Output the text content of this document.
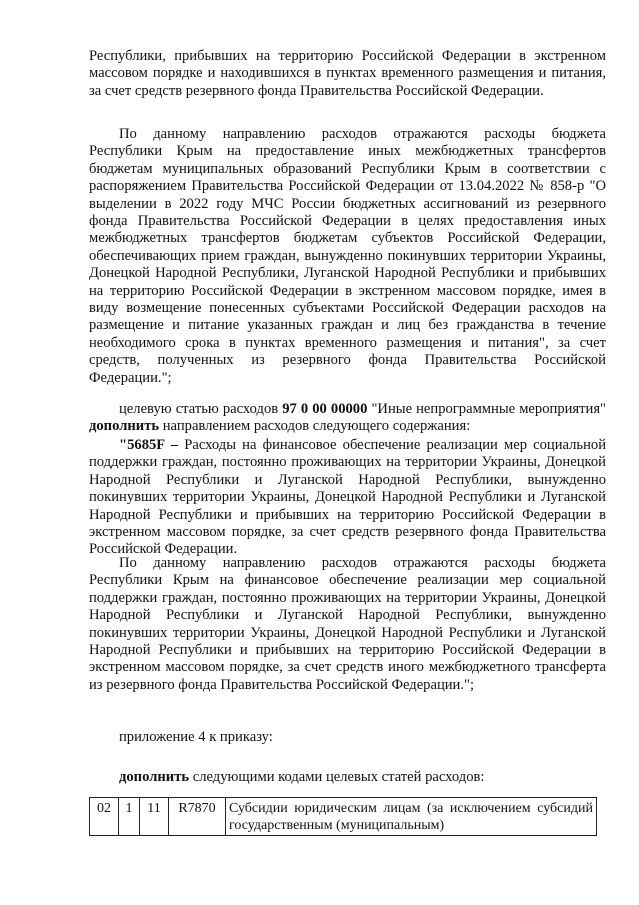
Республики, прибывших на территорию Российской Федерации в экстренном массовом порядке и находившихся в пунктах временного размещения и питания, за счет средств резервного фонда Правительства Российской Федерации.

По данному направлению расходов отражаются расходы бюджета Республики Крым на предоставление иных межбюджетных трансфертов бюджетам муниципальных образований Республики Крым в соответствии с распоряжением Правительства Российской Федерации от 13.04.2022 № 858-р "О выделении в 2022 году МЧС России бюджетных ассигнований из резервного фонда Правительства Российской Федерации в целях предоставления иных межбюджетных трансфертов бюджетам субъектов Российской Федерации, обеспечивающих прием граждан, вынужденно покинувших территории Украины, Донецкой Народной Республики, Луганской Народной Республики и прибывших на территорию Российской Федерации в экстренном массовом порядке, имея в виду возмещение понесенных субъектами Российской Федерации расходов на размещение и питание указанных граждан и лиц без гражданства в течение необходимого срока в пунктах временного размещения и питания", за счет средств, полученных из резервного фонда Правительства Российской Федерации.";

целевую статью расходов 97 0 00 00000 "Иные непрограммные мероприятия" дополнить направлением расходов следующего содержания:

"5685F – Расходы на финансовое обеспечение реализации мер социальной поддержки граждан, постоянно проживающих на территории Украины, Донецкой Народной Республики и Луганской Народной Республики, вынужденно покинувших территории Украины, Донецкой Народной Республики и Луганской Народной Республики и прибывших на территорию Российской Федерации в экстренном массовом порядке, за счет средств резервного фонда Правительства Российской Федерации.

По данному направлению расходов отражаются расходы бюджета Республики Крым на финансовое обеспечение реализации мер социальной поддержки граждан, постоянно проживающих на территории Украины, Донецкой Народной Республики и Луганской Народной Республики, вынужденно покинувших территории Украины, Донецкой Народной Республики и Луганской Народной Республики и прибывших на территорию Российской Федерации в экстренном массовом порядке, за счет средств иного межбюджетного трансферта из резервного фонда Правительства Российской Федерации.";

приложение 4 к приказу:

дополнить следующими кодами целевых статей расходов:

02	1	11	R7870	Субсидии юридическим лицам (за исключением субсидий государственным (муниципальным)
